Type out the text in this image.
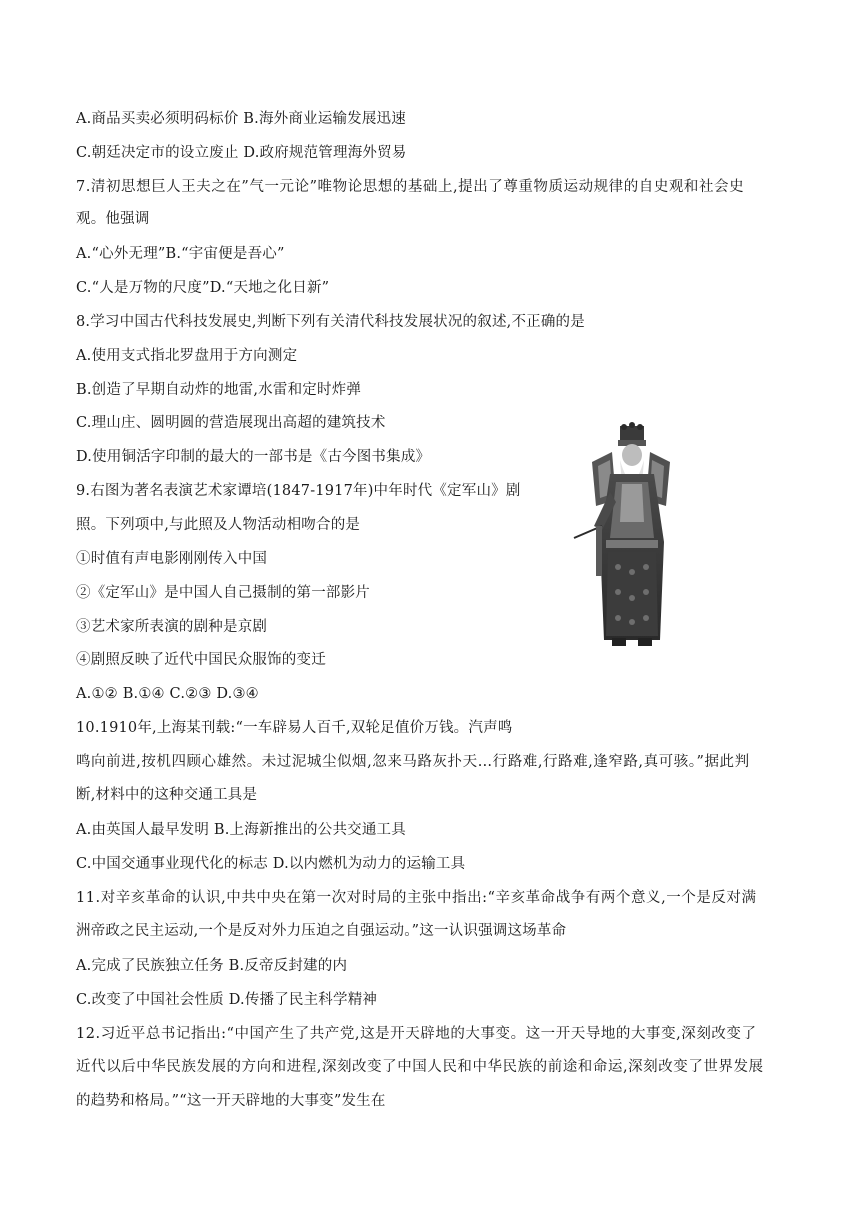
A.商品买卖必须明码标价 B.海外商业运输发展迅速
C.朝廷决定市的设立废止 D.政府规范管理海外贸易
7.清初思想巨人王夫之在”气一元论”唯物论思想的基础上,提出了尊重物质运动规律的自史观和社会史
观。他强调
A.“心外无理”B.“宇宙便是吾心”
C.“人是万物的尺度”D.“天地之化日新”
8.学习中国古代科技发展史,判断下列有关清代科技发展状况的叙述,不正确的是
A.使用支式指北罗盘用于方向测定
B.创造了早期自动炸的地雷,水雷和定时炸弹
C.理山庄、圆明圆的营造展现出高超的建筑技术
D.使用铜活字印制的最大的一部书是《古今图书集成》
9.右图为著名表演艺术家谭培(1847-1917年)中年时代《定军山》剧
照。下列项中,与此照及人物活动相吻合的是
①时值有声电影刚刚传入中国
②《定军山》是中国人自己摄制的第一部影片
③艺术家所表演的剧种是京剧
④剧照反映了近代中国民众服饰的变迁
A.①② B.①④ C.②③ D.③④
10.1910年,上海某刊载:“一车辟易人百千,双轮足值价万钱。汽声鸣
鸣向前进,按机四顾心雄然。未过泥城尘似烟,忽来马路灰扑天…行路难,行路难,逢窄路,真可骇。”据此判
断,材料中的这种交通工具是
A.由英国人最早发明 B.上海新推出的公共交通工具
C.中国交通事业现代化的标志 D.以内燃机为动力的运输工具
11.对辛亥革命的认识,中共中央在第一次对时局的主张中指出:“辛亥革命战争有两个意义,一个是反对满
洲帝政之民主运动,一个是反对外力压迫之自强运动。”这一认识强调这场革命
A.完成了民族独立任务 B.反帝反封建的内
C.改变了中国社会性质 D.传播了民主科学精神
12.习近平总书记指出:“中国产生了共产党,这是开天辟地的大事变。这一开天导地的大事变,深刻改变了
近代以后中华民族发展的方向和进程,深刻改变了中国人民和中华民族的前途和命运,深刻改变了世界发展
的趋势和格局。”“这一开天辟地的大事变”发生在
